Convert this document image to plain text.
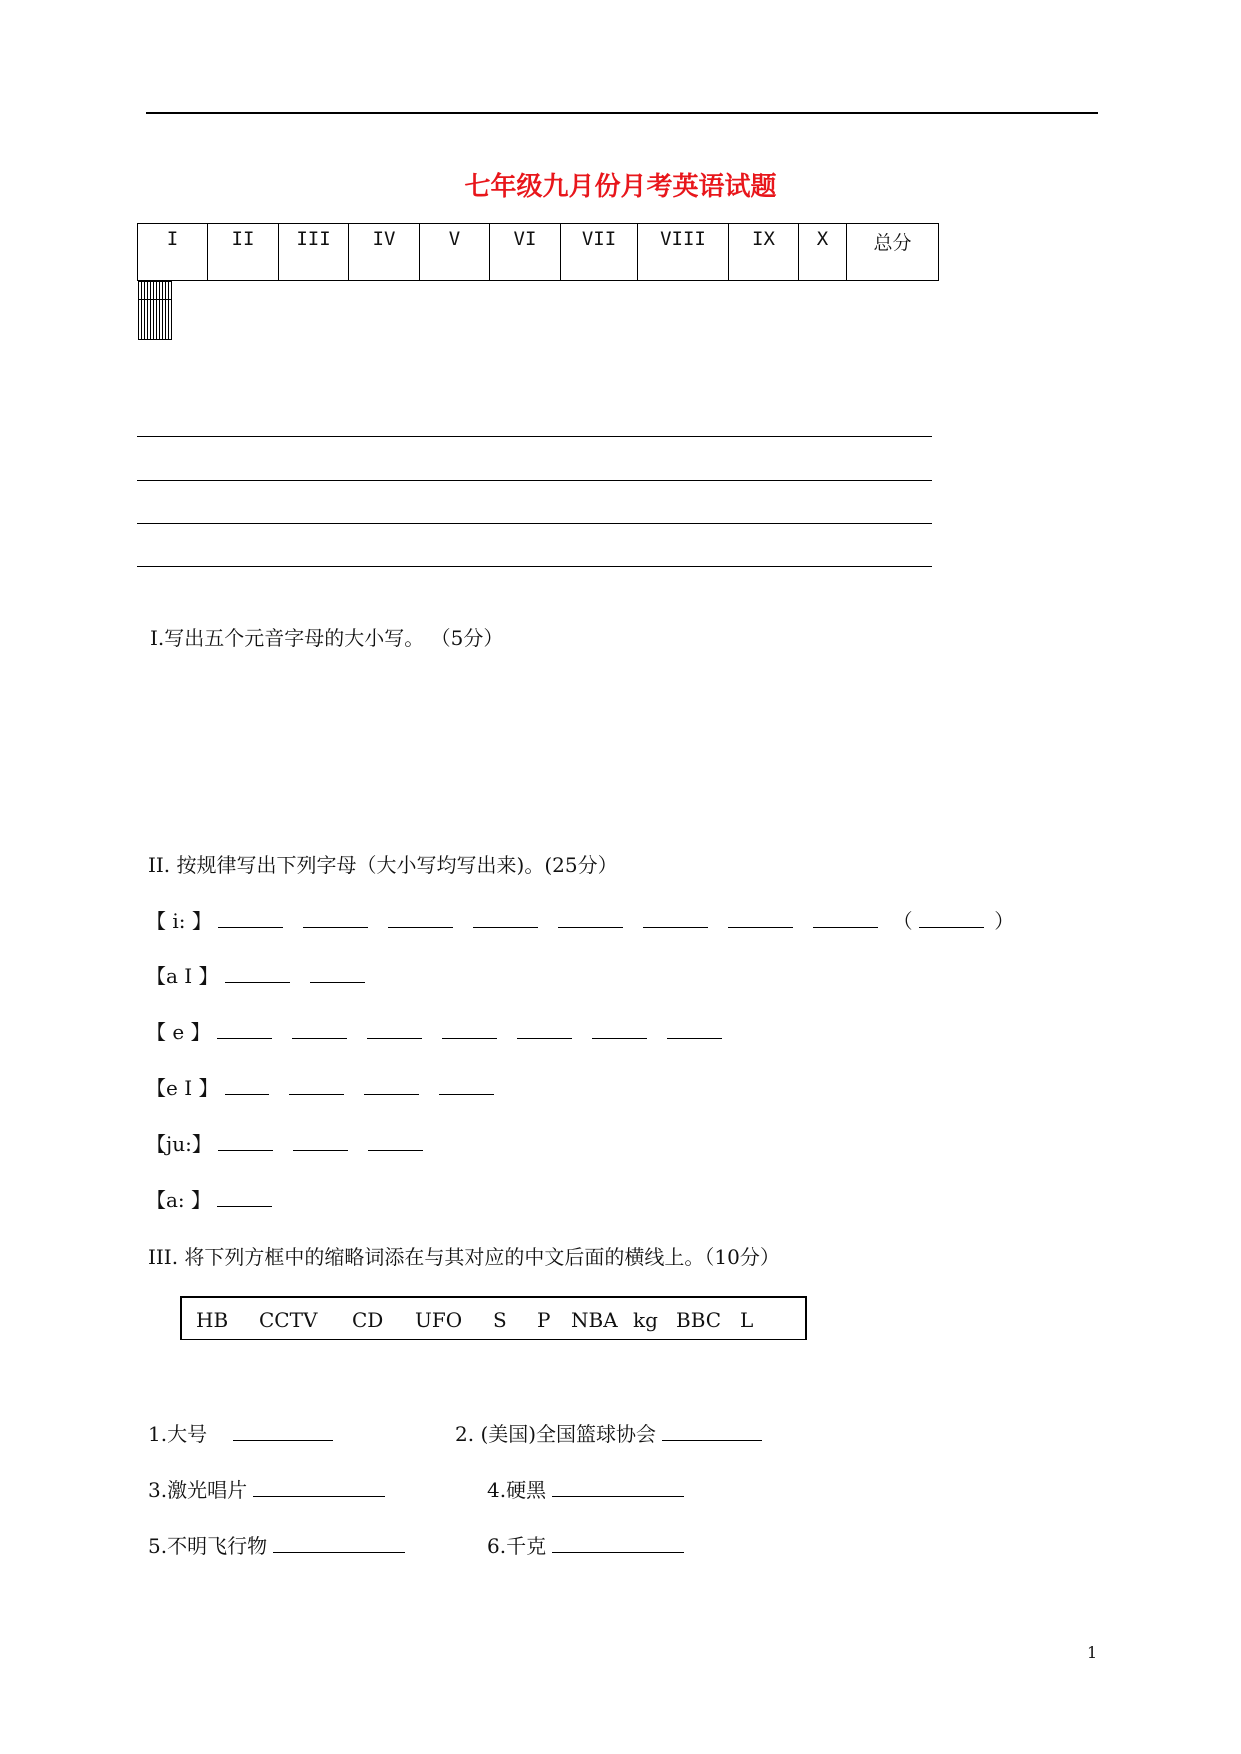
七年级九月份月考英语试题
I	II	III	IV	V	VI	VII	VIII	IX	X	总分

I.写出五个元音字母的大小写。 （5分）
II. 按规律写出下列字母（大小写均写出来)。(25分）
【 i: 】	（	）
【a I 】
【 e 】
【e I 】
【ju:】
【a: 】
III. 将下列方框中的缩略词添在与其对应的中文后面的横线上。（10分）
HB CCTV CD UFO S P NBA kg BBC L
1.大号	2. (美国)全国篮球协会
3.激光唱片	4.硬黑
5.不明飞行物	6.千克
1
